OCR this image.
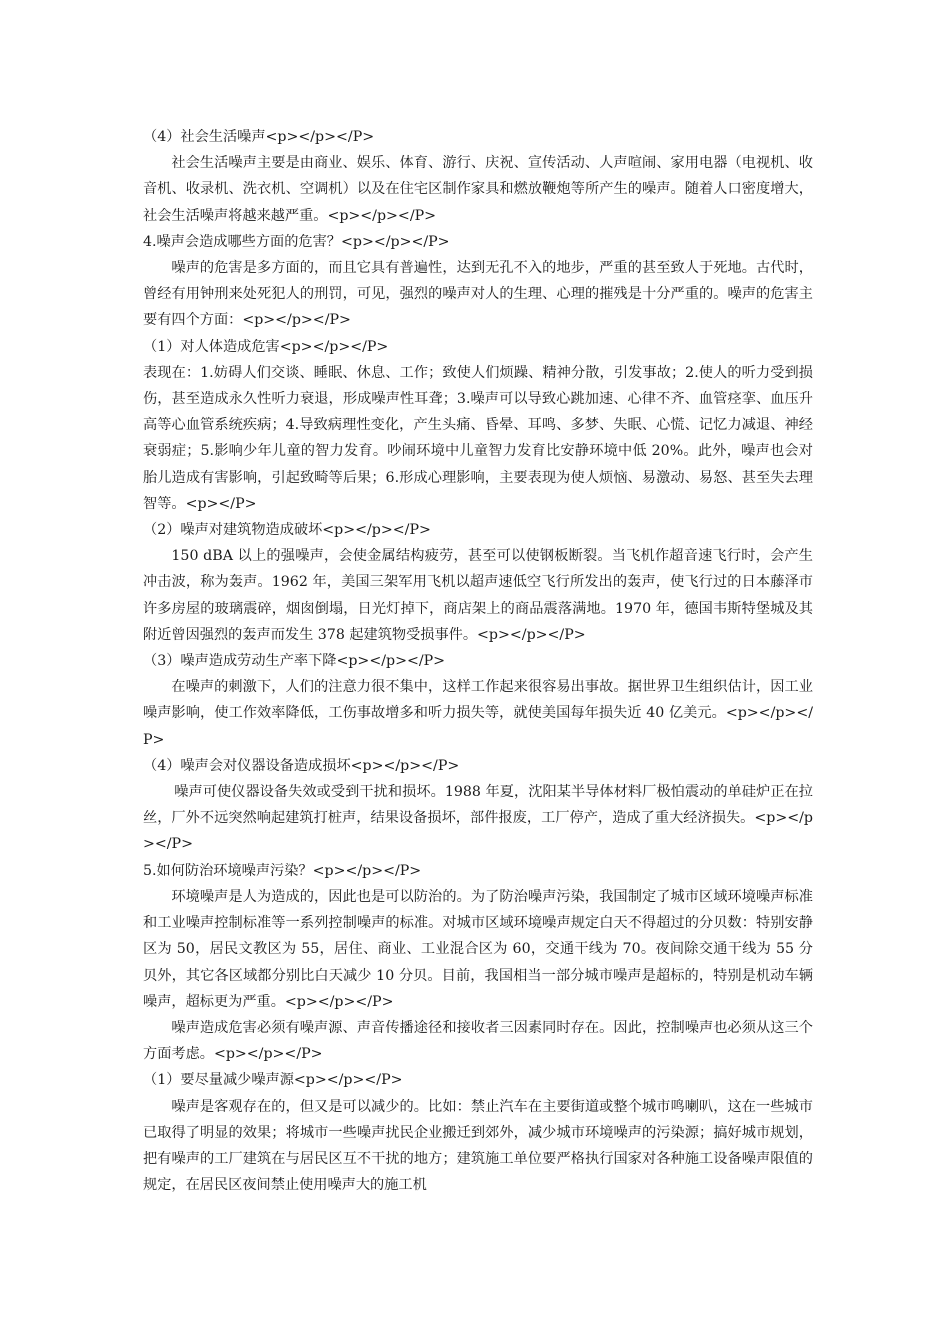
（4）社会生活噪声<p></p></P>

社会生活噪声主要是由商业、娱乐、体育、游行、庆祝、宣传活动、人声喧闹、家用电器（电视机、收音机、收录机、洗衣机、空调机）以及在住宅区制作家具和燃放鞭炮等所产生的噪声。随着人口密度增大，社会生活噪声将越来越严重。<p></p></P>

4.噪声会造成哪些方面的危害？<p></p></P>

噪声的危害是多方面的，而且它具有普遍性，达到无孔不入的地步，严重的甚至致人于死地。古代时，曾经有用钟刑来处死犯人的刑罚，可见，强烈的噪声对人的生理、心理的摧残是十分严重的。噪声的危害主要有四个方面：<p></p></P>

（1）对人体造成危害<p></p></P>

表现在：1.妨碍人们交谈、睡眠、休息、工作；致使人们烦躁、精神分散，引发事故；2.使人的听力受到损伤，甚至造成永久性听力衰退，形成噪声性耳聋；3.噪声可以导致心跳加速、心律不齐、血管痉挛、血压升高等心血管系统疾病；4.导致病理性变化，产生头痛、昏晕、耳鸣、多梦、失眠、心慌、记忆力减退、神经衰弱症；5.影响少年儿童的智力发育。吵闹环境中儿童智力发育比安静环境中低 20%。此外，噪声也会对胎儿造成有害影响，引起致畸等后果；6.形成心理影响，主要表现为使人烦恼、易激动、易怒、甚至失去理智等。<p></P>

（2）噪声对建筑物造成破坏<p></p></P>

150 dBA 以上的强噪声，会使金属结构疲劳，甚至可以使钢板断裂。当飞机作超音速飞行时，会产生冲击波，称为轰声。1962 年，美国三架军用飞机以超声速低空飞行所发出的轰声，使飞行过的日本藤泽市许多房屋的玻璃震碎，烟囱倒塌，日光灯掉下，商店架上的商品震落满地。1970 年，德国韦斯特堡城及其附近曾因强烈的轰声而发生 378 起建筑物受损事件。<p></p></P>

（3）噪声造成劳动生产率下降<p></p></P>

在噪声的刺激下，人们的注意力很不集中，这样工作起来很容易出事故。据世界卫生组织估计，因工业噪声影响，使工作效率降低，工伤事故增多和听力损失等，就使美国每年损失近 40 亿美元。<p></p></P>

（4）噪声会对仪器设备造成损坏<p></p></P>

噪声可使仪器设备失效或受到干扰和损坏。1988 年夏，沈阳某半导体材料厂极怕震动的单硅炉正在拉丝，厂外不远突然响起建筑打桩声，结果设备损坏，部件报废，工厂停产，造成了重大经济损失。<p></p></P>

5.如何防治环境噪声污染？<p></p></P>

环境噪声是人为造成的，因此也是可以防治的。为了防治噪声污染，我国制定了城市区域环境噪声标准和工业噪声控制标准等一系列控制噪声的标准。对城市区域环境噪声规定白天不得超过的分贝数：特别安静区为 50，居民文教区为 55，居住、商业、工业混合区为 60，交通干线为 70。夜间除交通干线为 55 分贝外，其它各区域都分别比白天减少 10 分贝。目前，我国相当一部分城市噪声是超标的，特别是机动车辆噪声，超标更为严重。<p></p></P>

噪声造成危害必须有噪声源、声音传播途径和接收者三因素同时存在。因此，控制噪声也必须从这三个方面考虑。<p></p></P>

（1）要尽量减少噪声源<p></p></P>

噪声是客观存在的，但又是可以减少的。比如：禁止汽车在主要街道或整个城市鸣喇叭，这在一些城市已取得了明显的效果；将城市一些噪声扰民企业搬迁到郊外，减少城市环境噪声的污染源；搞好城市规划，把有噪声的工厂建筑在与居民区互不干扰的地方；建筑施工单位要严格执行国家对各种施工设备噪声限值的规定，在居民区夜间禁止使用噪声大的施工机
